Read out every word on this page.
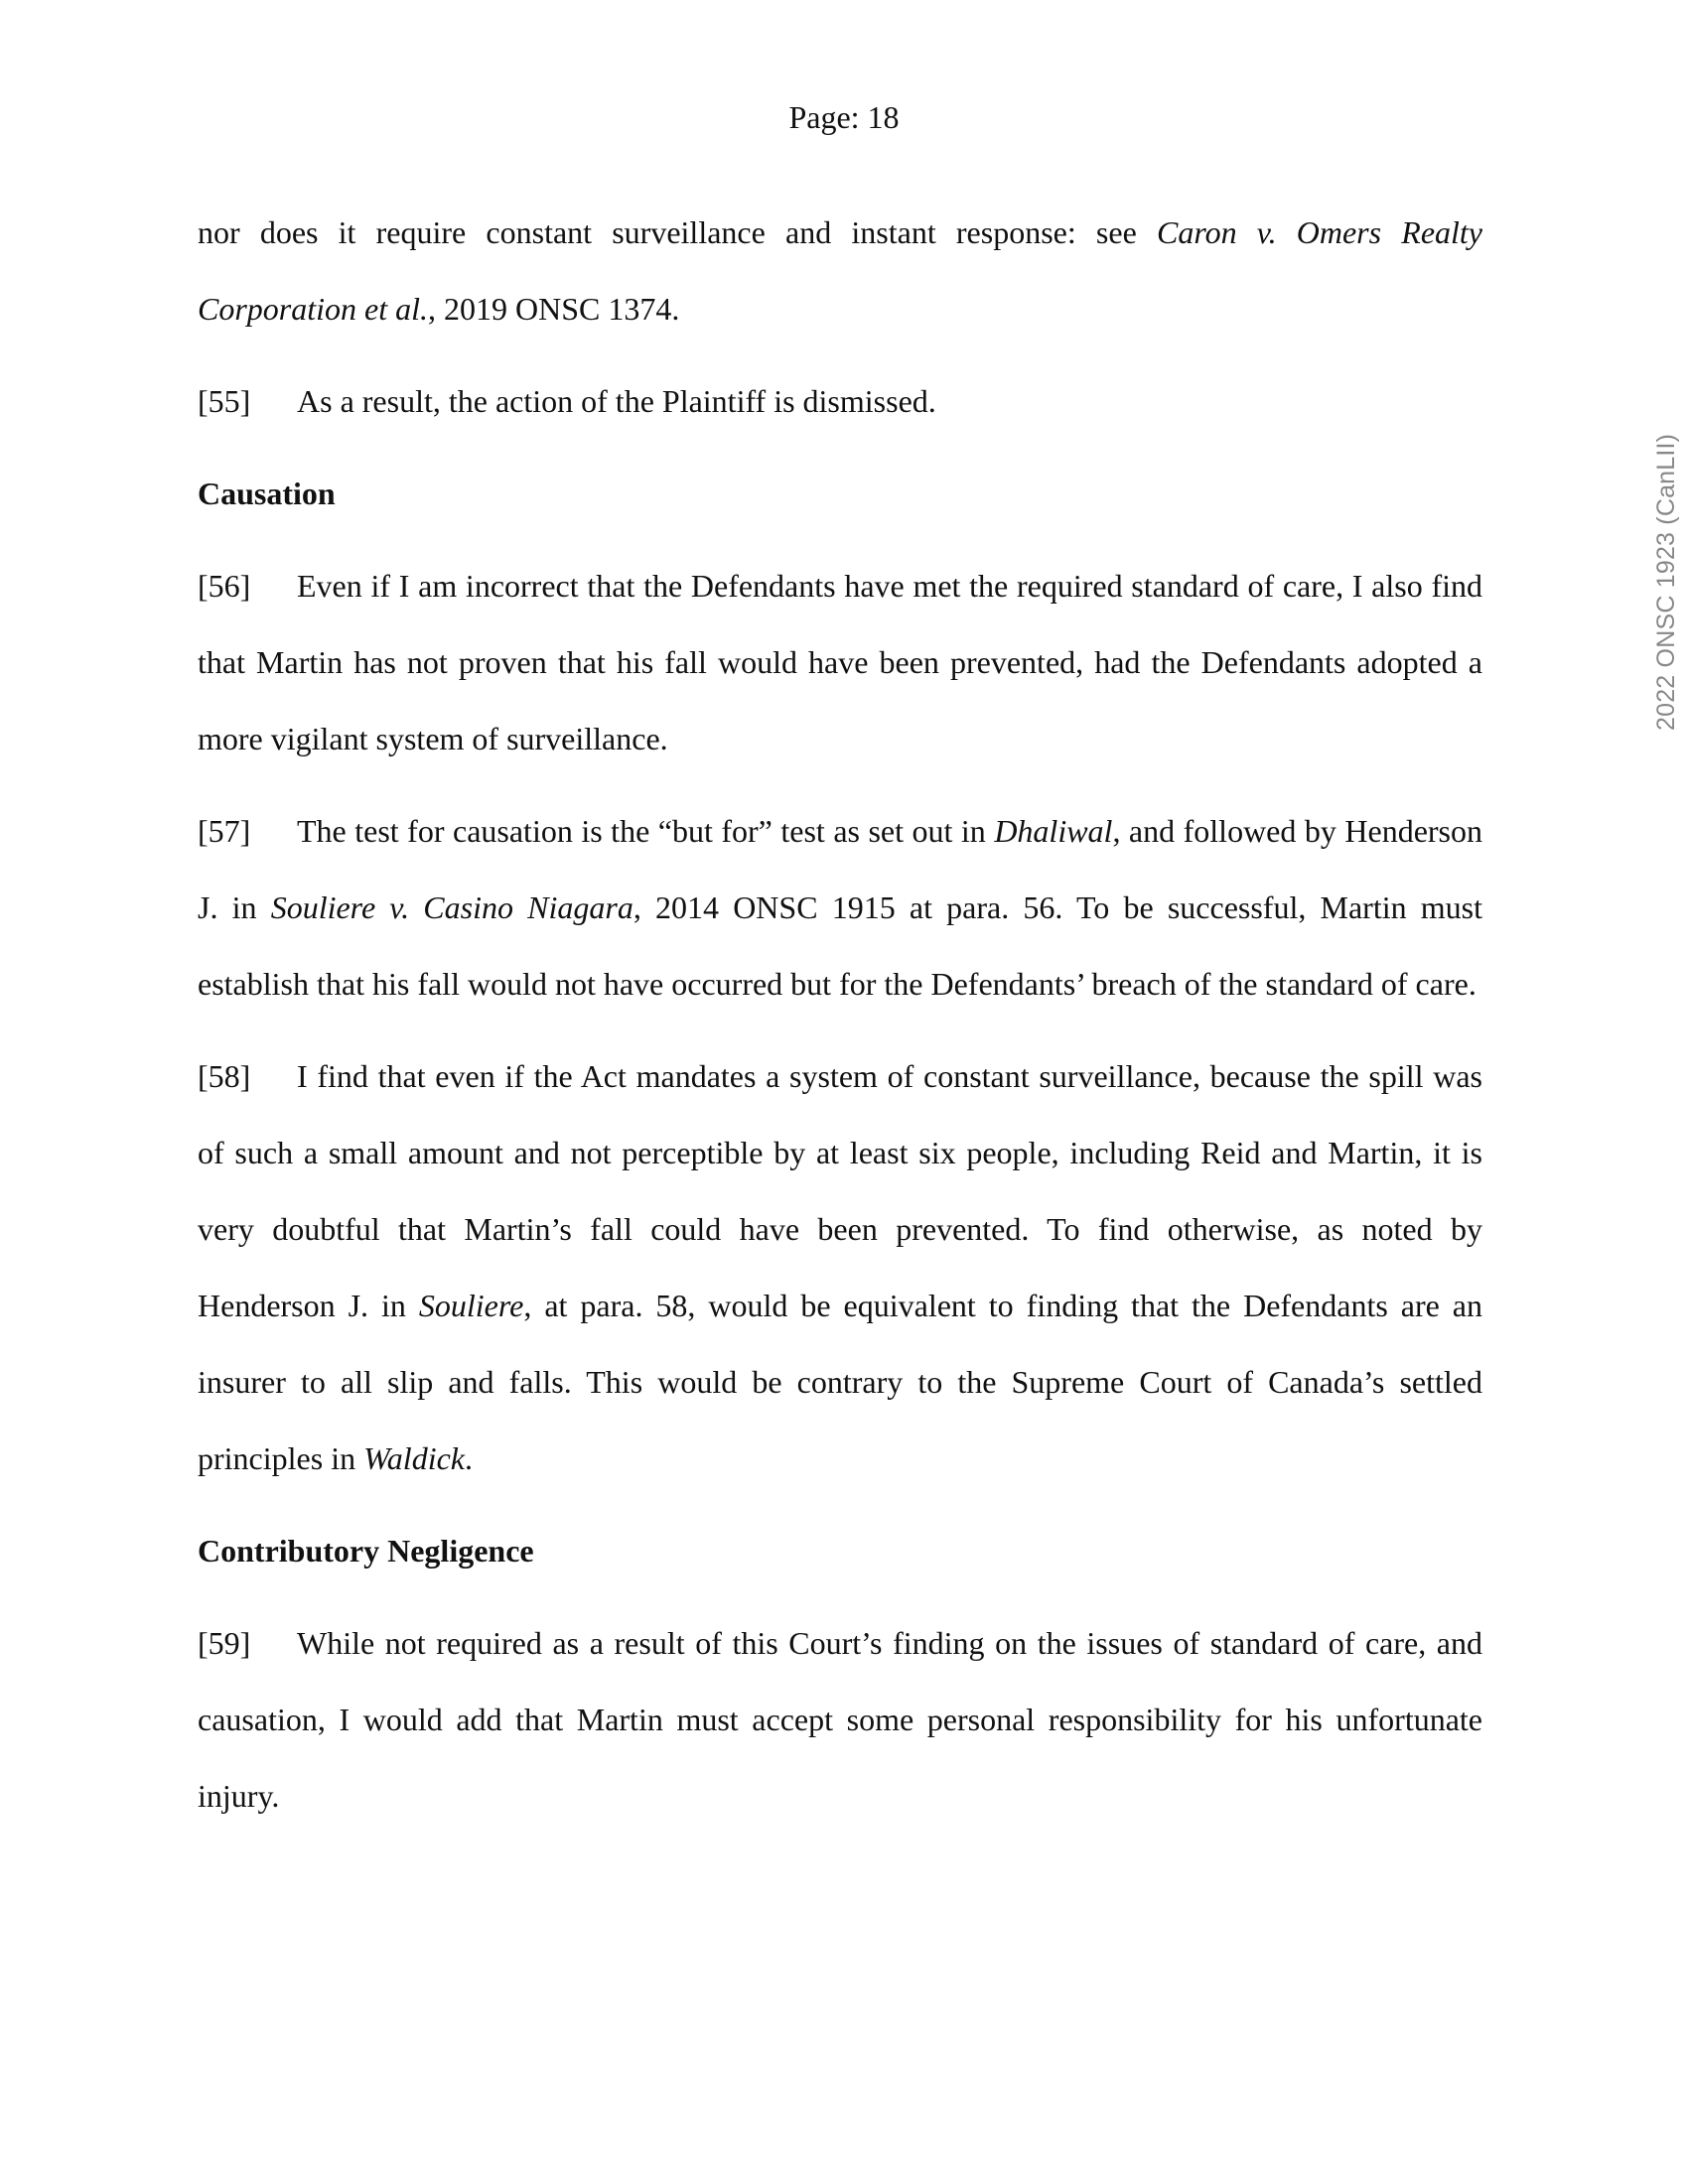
Page: 18
2022 ONSC 1923 (CanLII)

nor does it require constant surveillance and instant response: see Caron v. Omers Realty Corporation et al., 2019 ONSC 1374.

[55] As a result, the action of the Plaintiff is dismissed.

Causation

[56] Even if I am incorrect that the Defendants have met the required standard of care, I also find that Martin has not proven that his fall would have been prevented, had the Defendants adopted a more vigilant system of surveillance.

[57] The test for causation is the “but for” test as set out in Dhaliwal, and followed by Henderson J. in Souliere v. Casino Niagara, 2014 ONSC 1915 at para. 56. To be successful, Martin must establish that his fall would not have occurred but for the Defendants’ breach of the standard of care.

[58] I find that even if the Act mandates a system of constant surveillance, because the spill was of such a small amount and not perceptible by at least six people, including Reid and Martin, it is very doubtful that Martin’s fall could have been prevented. To find otherwise, as noted by Henderson J. in Souliere, at para. 58, would be equivalent to finding that the Defendants are an insurer to all slip and falls. This would be contrary to the Supreme Court of Canada’s settled principles in Waldick.

Contributory Negligence

[59] While not required as a result of this Court’s finding on the issues of standard of care, and causation, I would add that Martin must accept some personal responsibility for his unfortunate injury.
